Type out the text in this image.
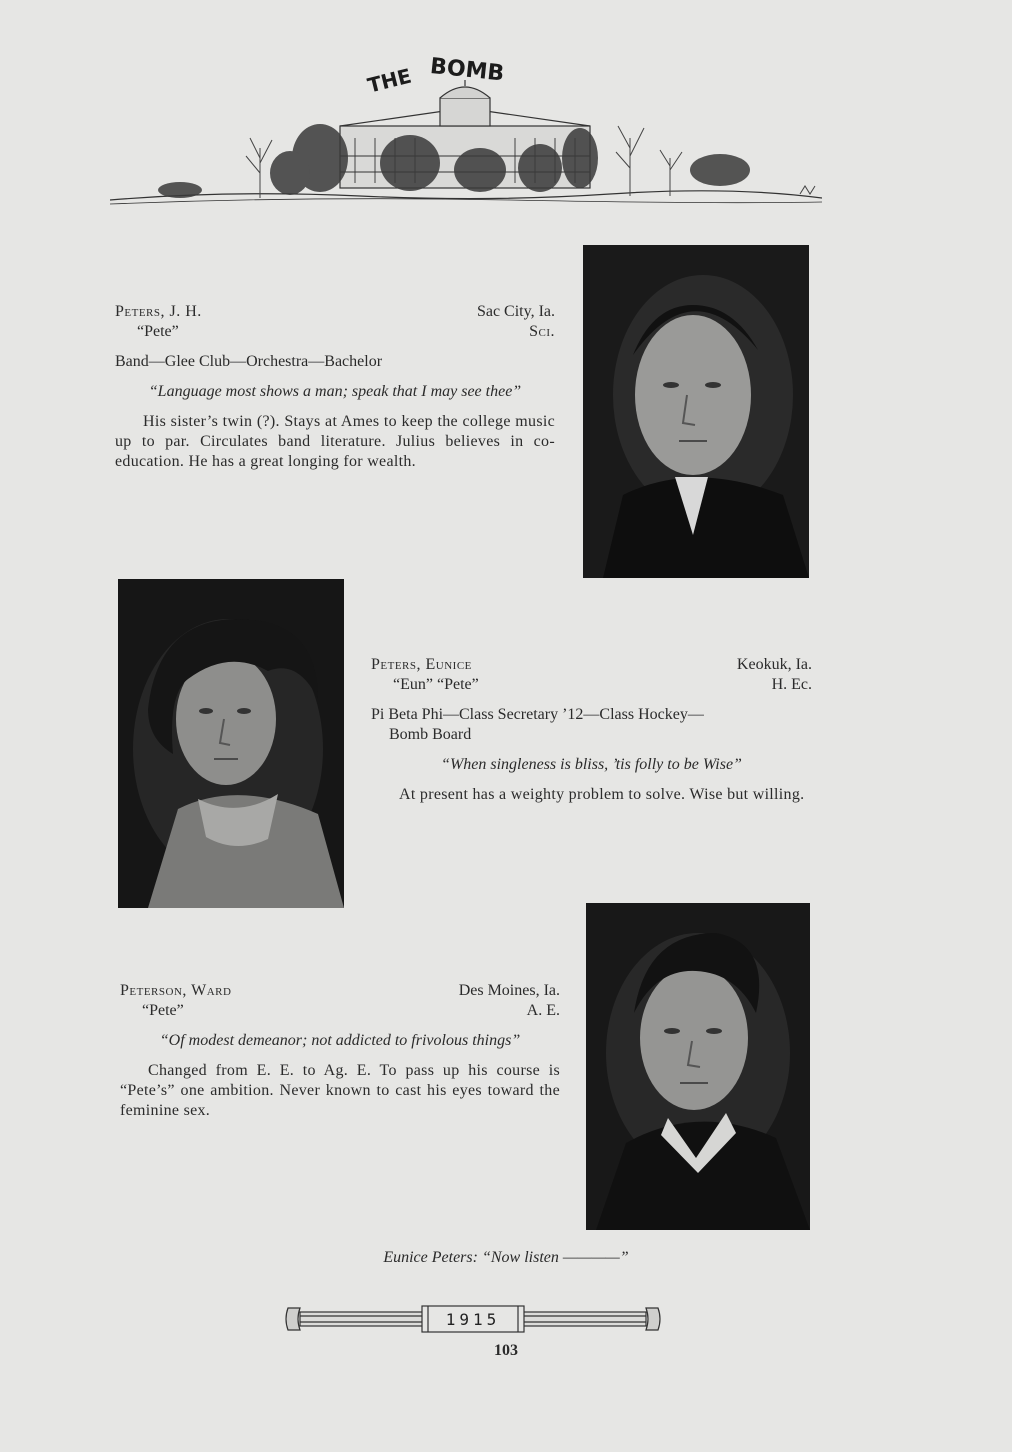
THE BOMB
Peters, J. H.	Sac City, Ia.
“Pete”	Sci.
Band—Glee Club—Orchestra—Bachelor
“Language most shows a man; speak that I may see thee”
His sister’s twin (?). Stays at Ames to keep the college music up to par. Circulates band literature. Julius believes in co-education. He has a great longing for wealth.
Peters, Eunice	Keokuk, Ia.
“Eun” “Pete”	H. Ec.
Pi Beta Phi—Class Secretary ’12—Class Hockey—
Bomb Board
“When singleness is bliss, ’tis folly to be Wise”
At present has a weighty problem to solve. Wise but willing.
Peterson, Ward	Des Moines, Ia.
“Pete”	A. E.
“Of modest demeanor; not addicted to frivolous things”
Changed from E. E. to Ag. E. To pass up his course is “Pete’s” one ambition. Never known to cast his eyes toward the feminine sex.
Eunice Peters: “Now listen ————”
1915
103
